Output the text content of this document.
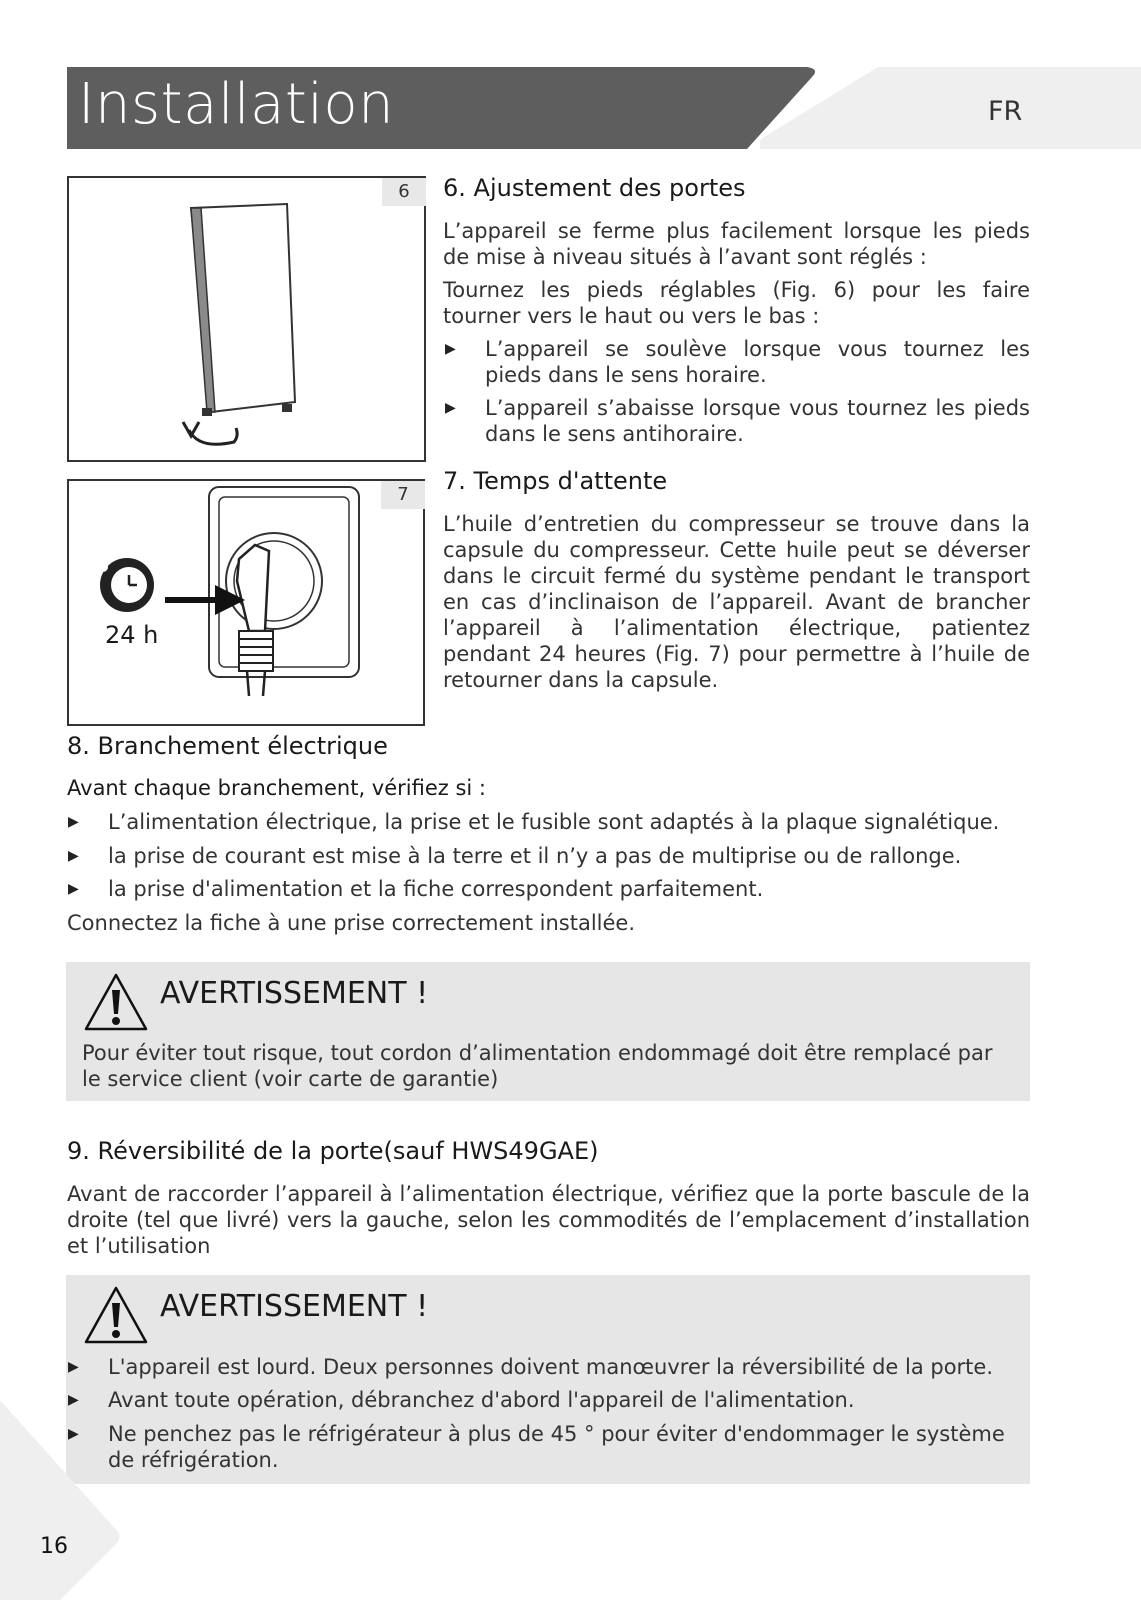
Installation	FR
6	6. Ajustement des portes
L’appareil se ferme plus facilement lorsque les pieds de mise à niveau situés à l’avant sont réglés :
Tournez les pieds réglables (Fig. 6) pour les faire tourner vers le haut ou vers le bas :
▶ L’appareil se soulève lorsque vous tournez les pieds dans le sens horaire.
▶ L’appareil s’abaisse lorsque vous tournez les pieds dans le sens antihoraire.
7
24 h
7. Temps d'attente
L’huile d’entretien du compresseur se trouve dans la capsule du compresseur. Cette huile peut se déverser dans le circuit fermé du système pendant le transport en cas d’inclinaison de l’appareil. Avant de brancher l’appareil à l’alimentation électrique, patientez pendant 24 heures (Fig. 7) pour permettre à l’huile de retourner dans la capsule.
8. Branchement électrique
Avant chaque branchement, vérifiez si :
▶ L’alimentation électrique, la prise et le fusible sont adaptés à la plaque signalétique.
▶ la prise de courant est mise à la terre et il n’y a pas de multiprise ou de rallonge.
▶ la prise d'alimentation et la fiche correspondent parfaitement.
Connectez la fiche à une prise correctement installée.
AVERTISSEMENT !
Pour éviter tout risque, tout cordon d’alimentation endommagé doit être remplacé par le service client (voir carte de garantie)
9. Réversibilité de la porte(sauf HWS49GAE)
Avant de raccorder l’appareil à l’alimentation électrique, vérifiez que la porte bascule de la droite (tel que livré) vers la gauche, selon les commodités de l’emplacement d’installation et l’utilisation
AVERTISSEMENT !
▶ L'appareil est lourd. Deux personnes doivent manœuvrer la réversibilité de la porte.
▶ Avant toute opération, débranchez d'abord l'appareil de l'alimentation.
▶ Ne penchez pas le réfrigérateur à plus de 45 ° pour éviter d'endommager le système de réfrigération.
16
